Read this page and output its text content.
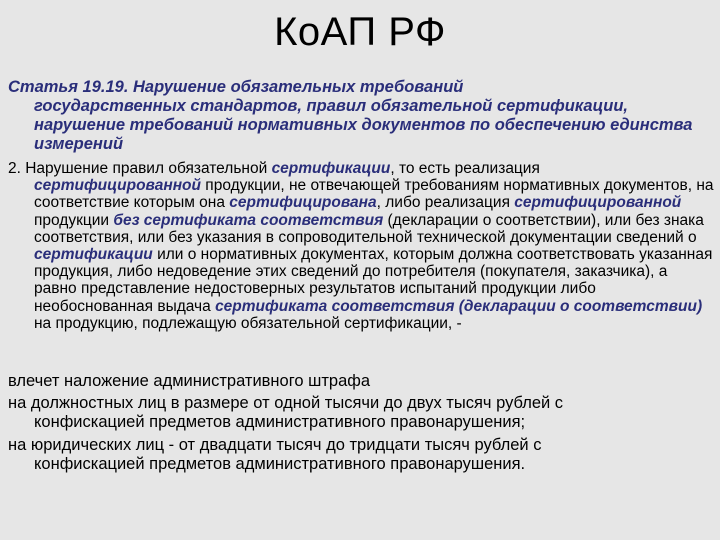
КоАП РФ
Статья 19.19. Нарушение обязательных требований
государственных стандартов, правил обязательной сертификации, нарушение требований нормативных документов по обеспечению единства измерений
2. Нарушение правил обязательной сертификации, то есть реализация
сертифицированной продукции, не отвечающей требованиям нормативных документов, на соответствие которым она сертифицирована, либо реализация сертифицированной продукции без сертификата соответствия (декларации о соответствии), или без знака соответствия, или без указания в сопроводительной технической документации сведений о сертификации или о нормативных документах, которым должна соответствовать указанная продукция, либо недоведение этих сведений до потребителя (покупателя, заказчика), а равно представление недостоверных результатов испытаний продукции либо необоснованная выдача сертификата соответствия (декларации о соответствии) на продукцию, подлежащую обязательной сертификации, -
влечет наложение административного штрафа
на должностных лиц в размере от одной тысячи до двух тысяч рублей с
конфискацией предметов административного правонарушения;
на юридических лиц - от двадцати тысяч до тридцати тысяч рублей с
конфискацией предметов административного правонарушения.
